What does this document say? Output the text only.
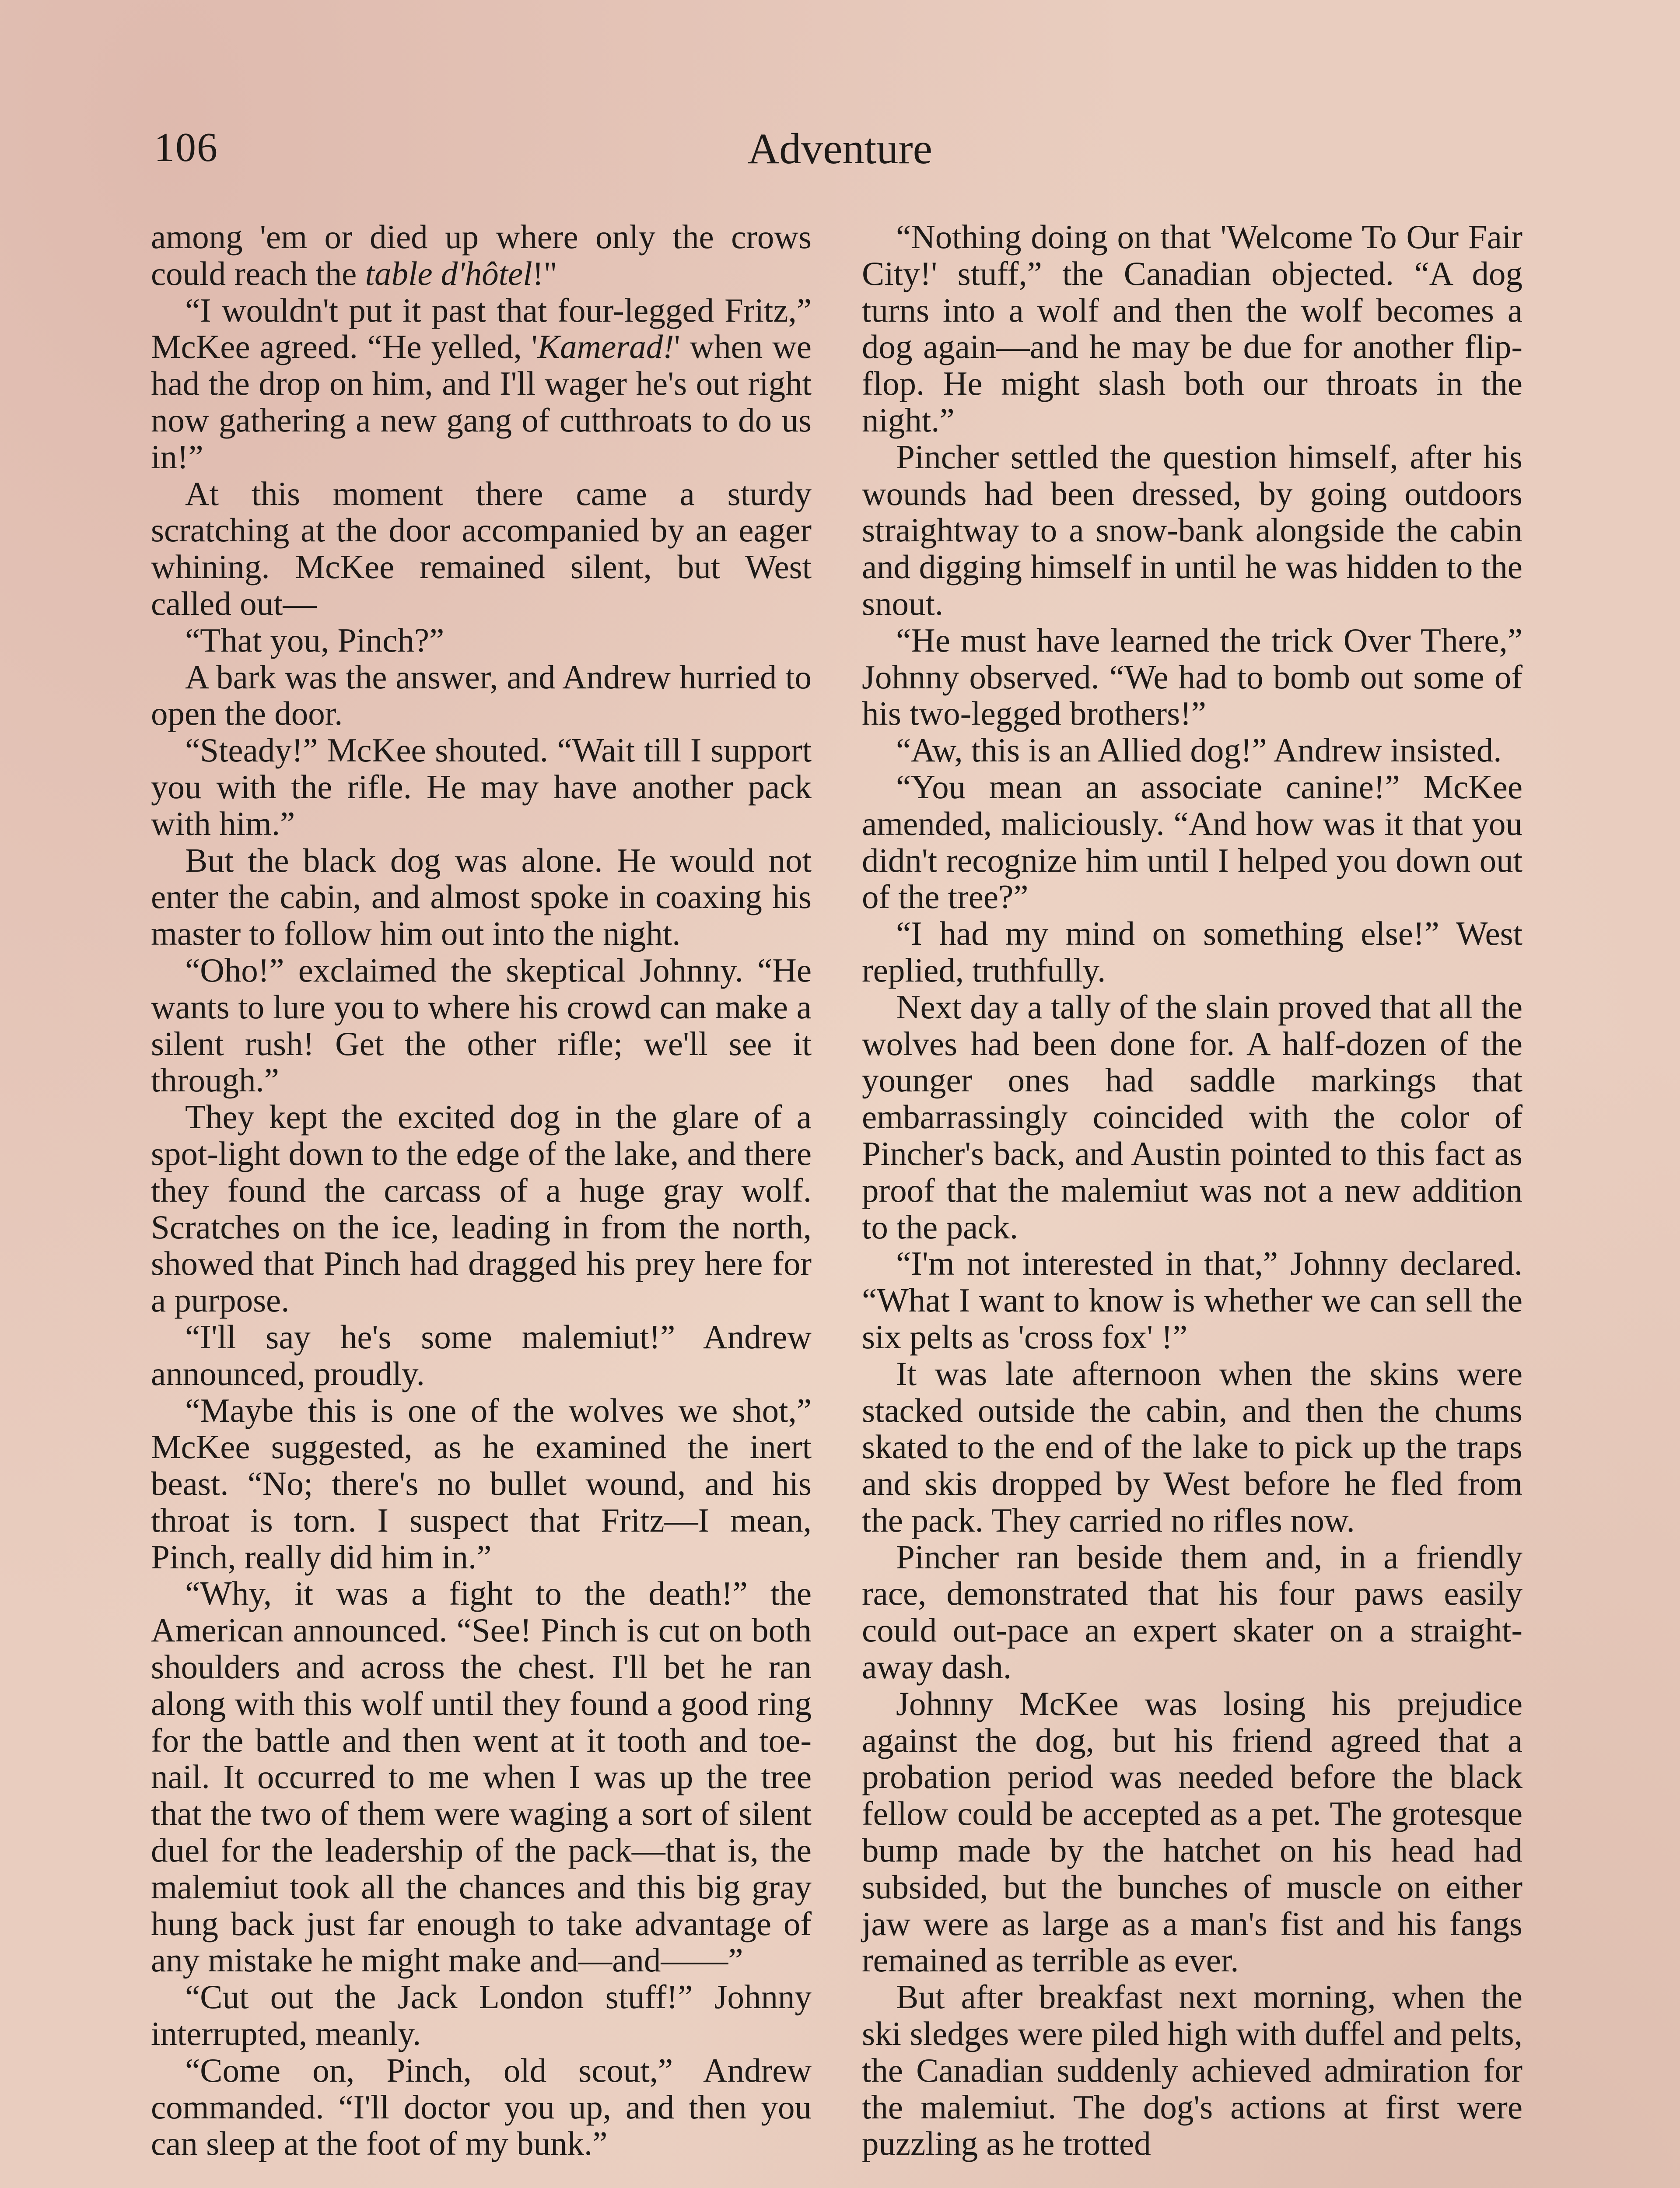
106	Adventure

among 'em or died up where only the crows could reach the table d'hôtel!"

“I wouldn't put it past that four-legged Fritz,” McKee agreed. “He yelled, 'Kamerad!' when we had the drop on him, and I'll wager he's out right now gathering a new gang of cutthroats to do us in!”

At this moment there came a sturdy scratching at the door accompanied by an eager whining. McKee remained silent, but West called out—

“That you, Pinch?”

A bark was the answer, and Andrew hurried to open the door.

“Steady!” McKee shouted. “Wait till I support you with the rifle. He may have another pack with him.”

But the black dog was alone. He would not enter the cabin, and almost spoke in coaxing his master to follow him out into the night.

“Oho!” exclaimed the skeptical Johnny. “He wants to lure you to where his crowd can make a silent rush! Get the other rifle; we'll see it through.”

They kept the excited dog in the glare of a spot-light down to the edge of the lake, and there they found the carcass of a huge gray wolf. Scratches on the ice, leading in from the north, showed that Pinch had dragged his prey here for a purpose.

“I'll say he's some malemiut!” Andrew announced, proudly.

“Maybe this is one of the wolves we shot,” McKee suggested, as he examined the inert beast. “No; there's no bullet wound, and his throat is torn. I suspect that Fritz—I mean, Pinch, really did him in.”

“Why, it was a fight to the death!” the American announced. “See! Pinch is cut on both shoulders and across the chest. I'll bet he ran along with this wolf until they found a good ring for the battle and then went at it tooth and toe-nail. It occurred to me when I was up the tree that the two of them were waging a sort of silent duel for the leadership of the pack—that is, the malemiut took all the chances and this big gray hung back just far enough to take advantage of any mistake he might make and—and——”

“Cut out the Jack London stuff!” Johnny interrupted, meanly.

“Come on, Pinch, old scout,” Andrew commanded. “I'll doctor you up, and then you can sleep at the foot of my bunk.”

“Nothing doing on that 'Welcome To Our Fair City!' stuff,” the Canadian objected. “A dog turns into a wolf and then the wolf becomes a dog again—and he may be due for another flip-flop. He might slash both our throats in the night.”

Pincher settled the question himself, after his wounds had been dressed, by going outdoors straightway to a snow-bank alongside the cabin and digging himself in until he was hidden to the snout.

“He must have learned the trick Over There,” Johnny observed. “We had to bomb out some of his two-legged brothers!”

“Aw, this is an Allied dog!” Andrew insisted.

“You mean an associate canine!” McKee amended, maliciously. “And how was it that you didn't recognize him until I helped you down out of the tree?”

“I had my mind on something else!” West replied, truthfully.

Next day a tally of the slain proved that all the wolves had been done for. A half-dozen of the younger ones had saddle markings that embarrassingly coincided with the color of Pincher's back, and Austin pointed to this fact as proof that the malemiut was not a new addition to the pack.

“I'm not interested in that,” Johnny declared. “What I want to know is whether we can sell the six pelts as 'cross fox' !”

It was late afternoon when the skins were stacked outside the cabin, and then the chums skated to the end of the lake to pick up the traps and skis dropped by West before he fled from the pack. They carried no rifles now.

Pincher ran beside them and, in a friendly race, demonstrated that his four paws easily could out-pace an expert skater on a straight-away dash.

Johnny McKee was losing his prejudice against the dog, but his friend agreed that a probation period was needed before the black fellow could be accepted as a pet. The grotesque bump made by the hatchet on his head had subsided, but the bunches of muscle on either jaw were as large as a man's fist and his fangs remained as terrible as ever.

But after breakfast next morning, when the ski sledges were piled high with duffel and pelts, the Canadian suddenly achieved admiration for the malemiut. The dog's actions at first were puzzling as he trotted
